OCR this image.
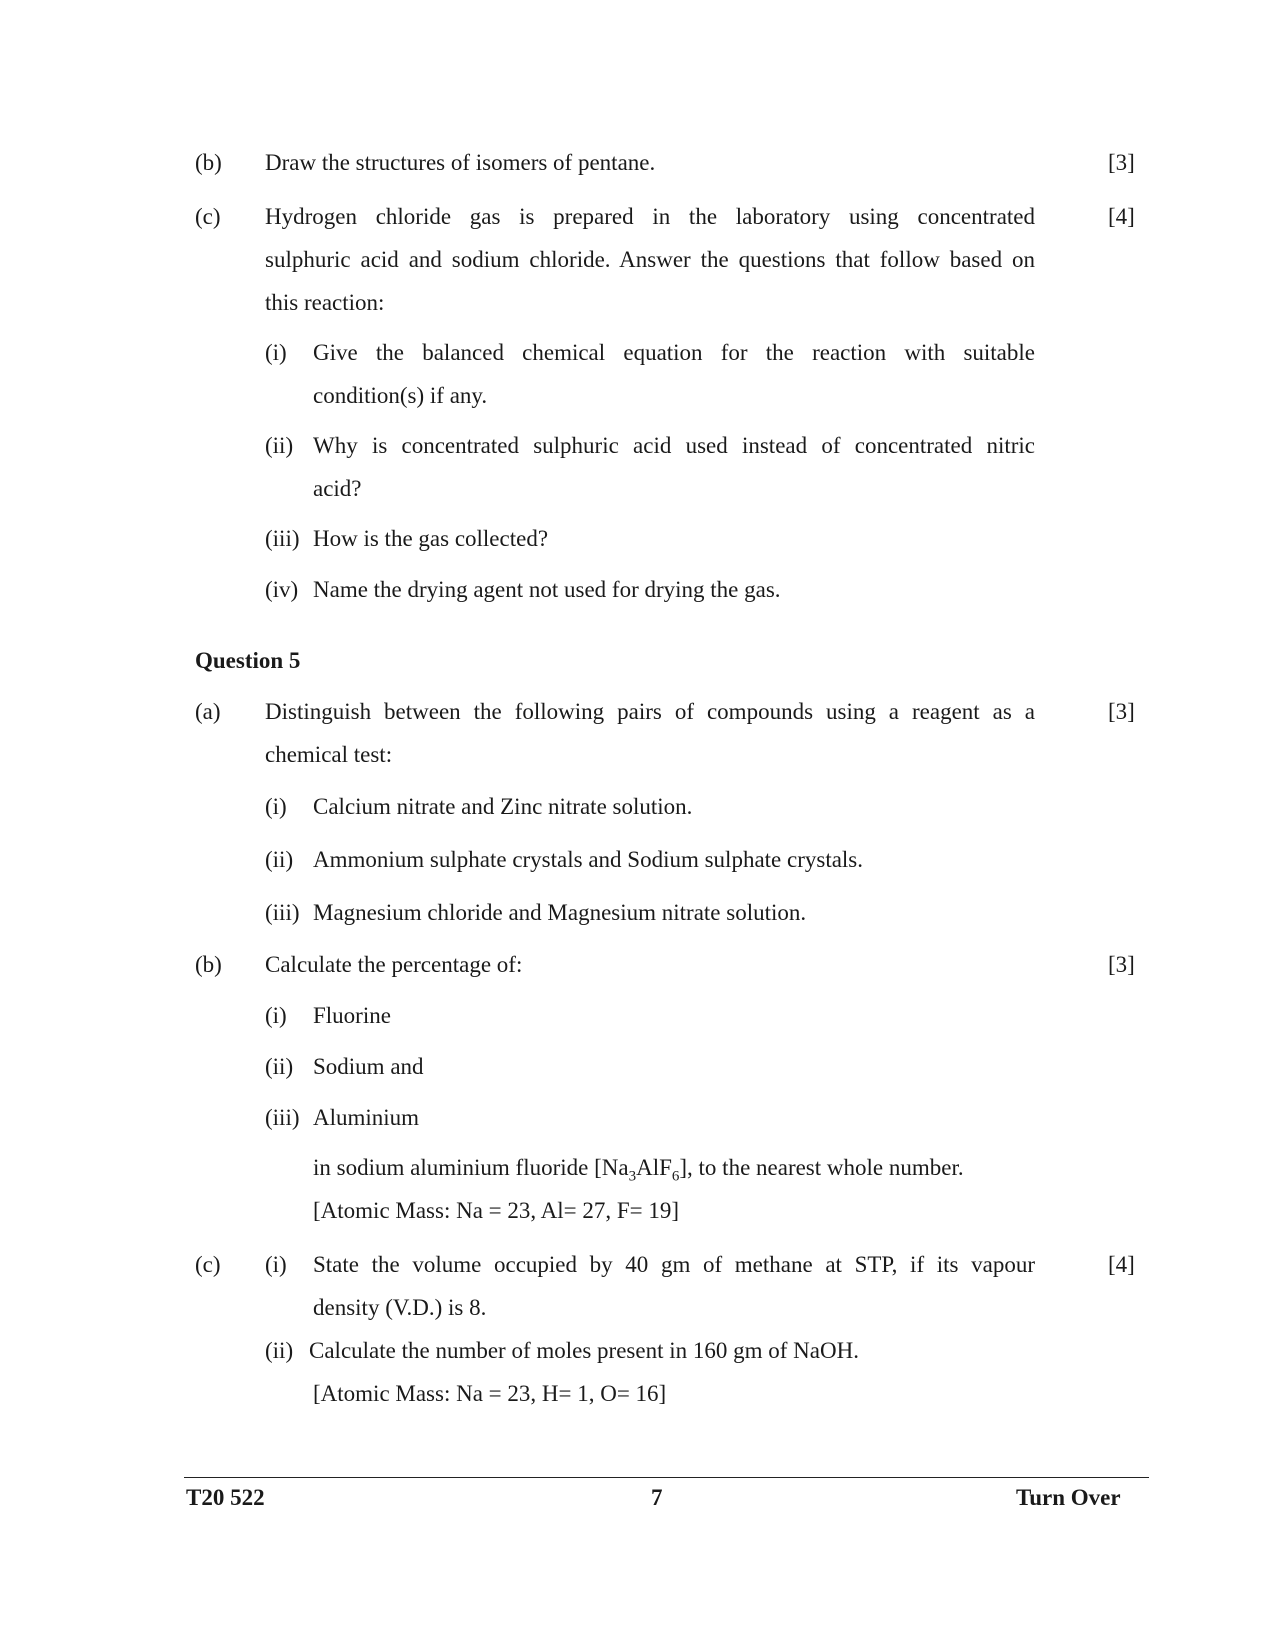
(b) Draw the structures of isomers of pentane.	[3]
(c) Hydrogen chloride gas is prepared in the laboratory using concentrated
sulphuric acid and sodium chloride. Answer the questions that follow based on
this reaction:
[4]
(i) Give the balanced chemical equation for the reaction with suitable
condition(s) if any.
(ii) Why is concentrated sulphuric acid used instead of concentrated nitric
acid?
(iii) How is the gas collected?
(iv) Name the drying agent not used for drying the gas.
Question 5
(a) Distinguish between the following pairs of compounds using a reagent as a
chemical test:
[3]
(i) Calcium nitrate and Zinc nitrate solution.
(ii) Ammonium sulphate crystals and Sodium sulphate crystals.
(iii) Magnesium chloride and Magnesium nitrate solution.
(b) Calculate the percentage of:	[3]
(i) Fluorine
(ii) Sodium and
(iii) Aluminium
in sodium aluminium fluoride $[Na_3AlF_6]$, to the nearest whole number.
[Atomic Mass: Na = 23, Al= 27, F= 19]
(c) (i) State the volume occupied by 40 gm of methane at STP, if its vapour
density (V.D.) is 8.
[4]
(ii) Calculate the number of moles present in 160 gm of NaOH.
[Atomic Mass: Na = 23, H= 1, O= 16]
T20 522	7	Turn Over
